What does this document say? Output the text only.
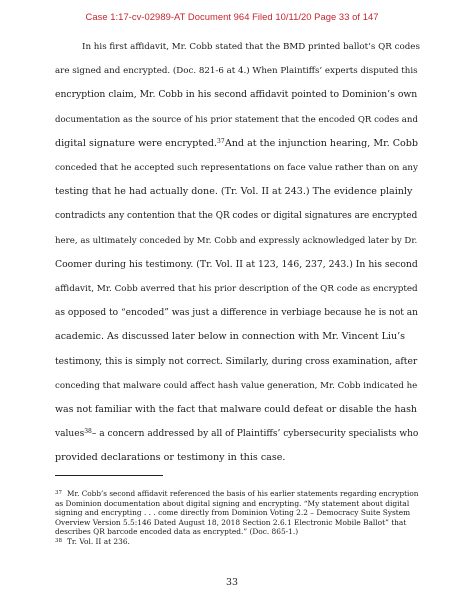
Case 1:17-cv-02989-AT Document 964 Filed 10/11/20 Page 33 of 147
In his first affidavit, Mr. Cobb stated that the BMD printed ballot’s QR codes
are signed and encrypted. (Doc. 821-6 at 4.) When Plaintiffs’ experts disputed this
encryption claim, Mr. Cobb in his second affidavit pointed to Dominion’s own
documentation as the source of his prior statement that the encoded QR codes and
digital signature were encrypted.$^{37}$ And at the injunction hearing, Mr. Cobb
conceded that he accepted such representations on face value rather than on any
testing that he had actually done. (Tr. Vol. II at 243.) The evidence plainly
contradicts any contention that the QR codes or digital signatures are encrypted
here, as ultimately conceded by Mr. Cobb and expressly acknowledged later by Dr.
Coomer during his testimony. (Tr. Vol. II at 123, 146, 237, 243.) In his second
affidavit, Mr. Cobb averred that his prior description of the QR code as encrypted
as opposed to “encoded” was just a difference in verbiage because he is not an
academic. As discussed later below in connection with Mr. Vincent Liu’s
testimony, this is simply not correct. Similarly, during cross examination, after
conceding that malware could affect hash value generation, Mr. Cobb indicated he
was not familiar with the fact that malware could defeat or disable the hash
values$^{38}$ – a concern addressed by all of Plaintiffs’ cybersecurity specialists who
provided declarations or testimony in this case.
$^{37}$ Mr. Cobb’s second affidavit referenced the basis of his earlier statements regarding encryption
as Dominion documentation about digital signing and encrypting. “My statement about digital
signing and encrypting . . . come directly from Dominion Voting 2.2 – Democracy Suite System
Overview Version 5.5:146 Dated August 18, 2018 Section 2.6.1 Electronic Mobile Ballot” that
describes QR barcode encoded data as encrypted.” (Doc. 865-1.)
$^{38}$ Tr. Vol. II at 236.
33
